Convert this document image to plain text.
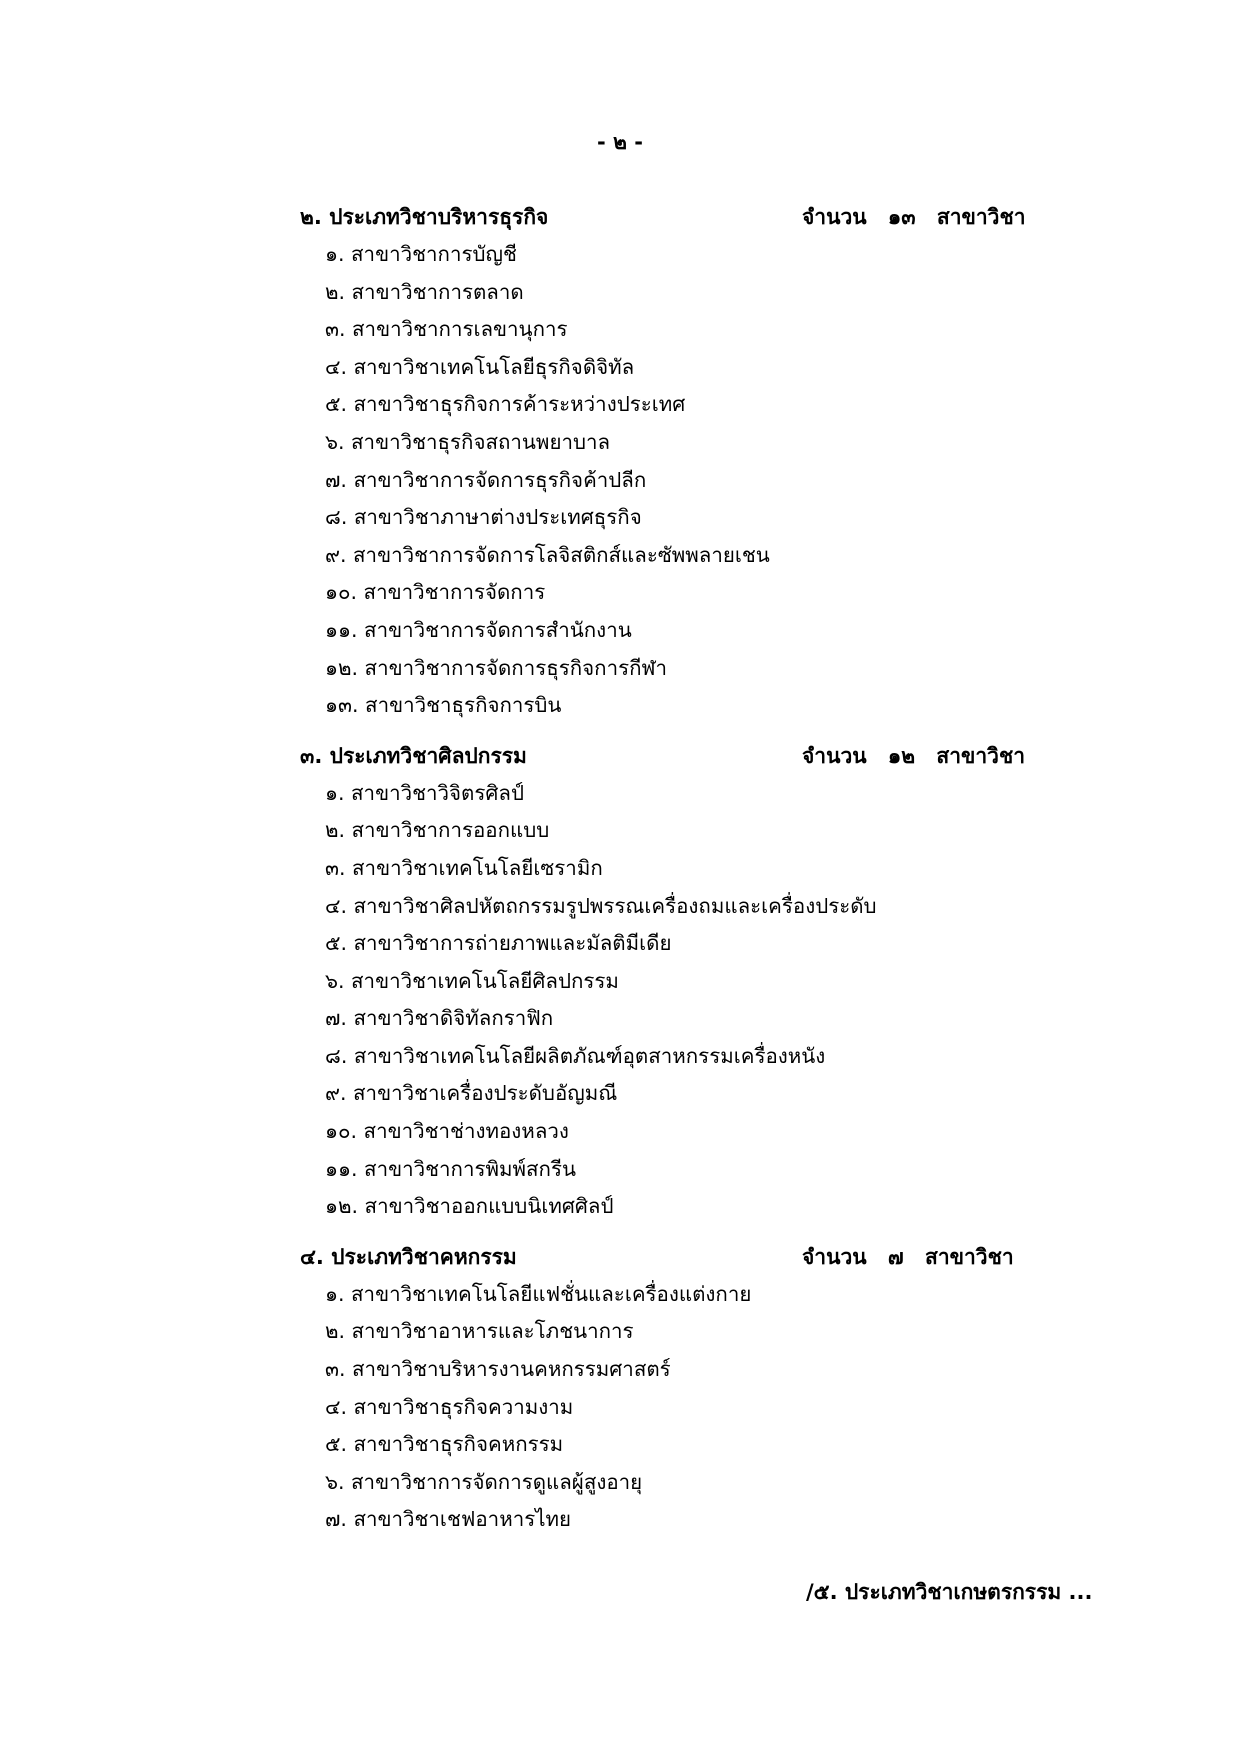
- ๒ -
๒. ประเภทวิชาบริหารธุรกิจ	จำนวน ๑๓ สาขาวิชา
๑. สาขาวิชาการบัญชี
๒. สาขาวิชาการตลาด
๓. สาขาวิชาการเลขานุการ
๔. สาขาวิชาเทคโนโลยีธุรกิจดิจิทัล
๕. สาขาวิชาธุรกิจการค้าระหว่างประเทศ
๖. สาขาวิชาธุรกิจสถานพยาบาล
๗. สาขาวิชาการจัดการธุรกิจค้าปลีก
๘. สาขาวิชาภาษาต่างประเทศธุรกิจ
๙. สาขาวิชาการจัดการโลจิสติกส์และซัพพลายเชน
๑๐. สาขาวิชาการจัดการ
๑๑. สาขาวิชาการจัดการสำนักงาน
๑๒. สาขาวิชาการจัดการธุรกิจการกีฬา
๑๓. สาขาวิชาธุรกิจการบิน
๓. ประเภทวิชาศิลปกรรม	จำนวน ๑๒ สาขาวิชา
๑. สาขาวิชาวิจิตรศิลป์
๒. สาขาวิชาการออกแบบ
๓. สาขาวิชาเทคโนโลยีเซรามิก
๔. สาขาวิชาศิลปหัตถกรรมรูปพรรณเครื่องถมและเครื่องประดับ
๕. สาขาวิชาการถ่ายภาพและมัลติมีเดีย
๖. สาขาวิชาเทคโนโลยีศิลปกรรม
๗. สาขาวิชาดิจิทัลกราฟิก
๘. สาขาวิชาเทคโนโลยีผลิตภัณฑ์อุตสาหกรรมเครื่องหนัง
๙. สาขาวิชาเครื่องประดับอัญมณี
๑๐. สาขาวิชาช่างทองหลวง
๑๑. สาขาวิชาการพิมพ์สกรีน
๑๒. สาขาวิชาออกแบบนิเทศศิลป์
๔. ประเภทวิชาคหกรรม	จำนวน ๗ สาขาวิชา
๑. สาขาวิชาเทคโนโลยีแฟชั่นและเครื่องแต่งกาย
๒. สาขาวิชาอาหารและโภชนาการ
๓. สาขาวิชาบริหารงานคหกรรมศาสตร์
๔. สาขาวิชาธุรกิจความงาม
๕. สาขาวิชาธุรกิจคหกรรม
๖. สาขาวิชาการจัดการดูแลผู้สูงอายุ
๗. สาขาวิชาเชฟอาหารไทย
/๕. ประเภทวิชาเกษตรกรรม ...
